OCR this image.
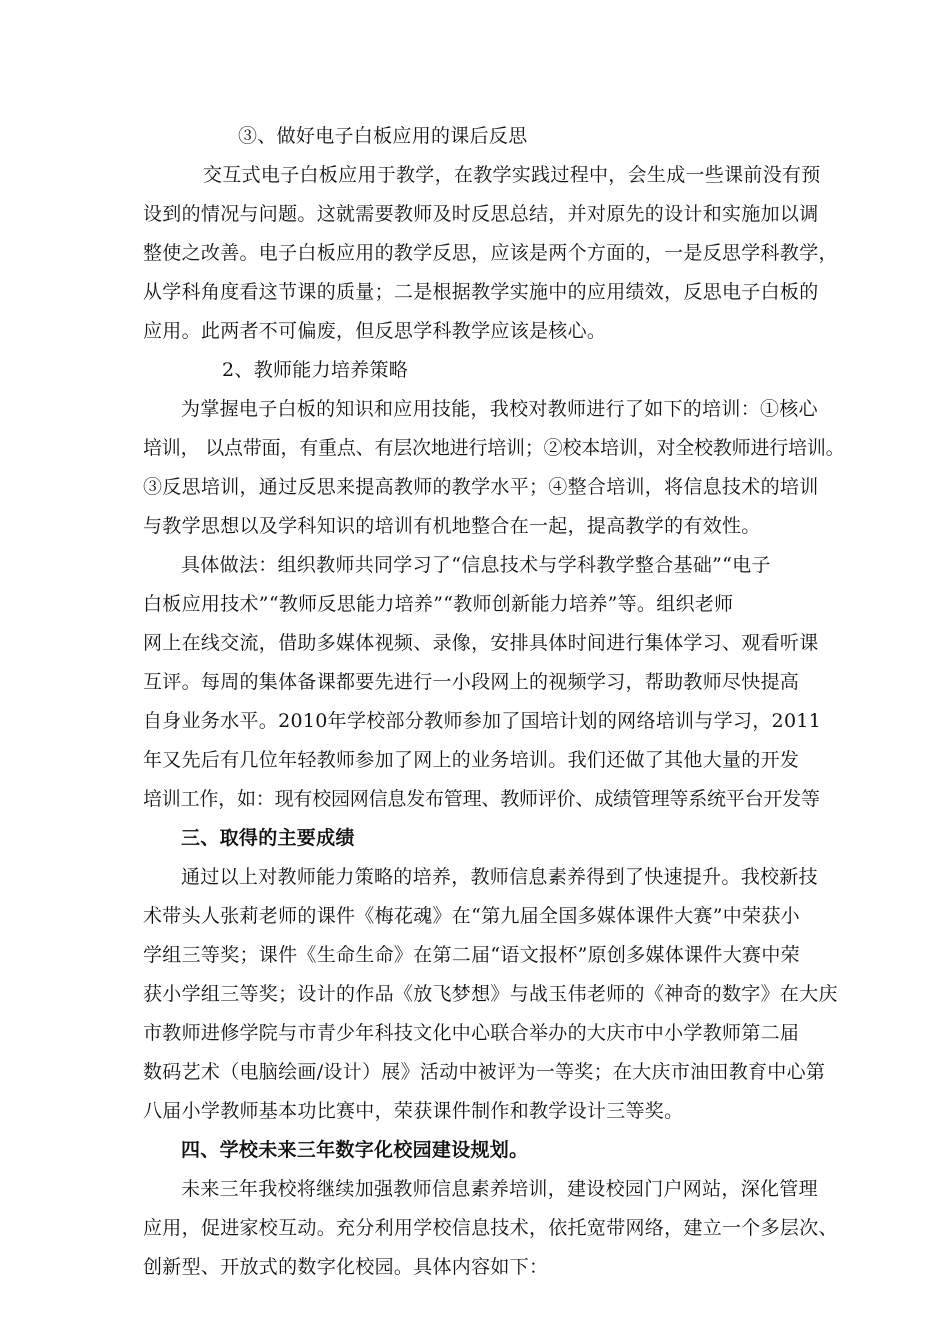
③、做好电子白板应用的课后反思
交互式电子白板应用于教学，在教学实践过程中，会生成一些课前没有预
设到的情况与问题。这就需要教师及时反思总结，并对原先的设计和实施加以调
整使之改善。电子白板应用的教学反思，应该是两个方面的，一是反思学科教学，
从学科角度看这节课的质量；二是根据教学实施中的应用绩效，反思电子白板的
应用。此两者不可偏废，但反思学科教学应该是核心。
2、教师能力培养策略
为掌握电子白板的知识和应用技能，我校对教师进行了如下的培训：①核心
培训， 以点带面，有重点、有层次地进行培训；②校本培训，对全校教师进行培训。
③反思培训，通过反思来提高教师的教学水平；④整合培训，将信息技术的培训
与教学思想以及学科知识的培训有机地整合在一起，提高教学的有效性。
具体做法：组织教师共同学习了“信息技术与学科教学整合基础”“电子
白板应用技术”“教师反思能力培养”“教师创新能力培养”等。组织老师
网上在线交流，借助多媒体视频、录像，安排具体时间进行集体学习、观看听课
互评。每周的集体备课都要先进行一小段网上的视频学习，帮助教师尽快提高
自身业务水平。2010年学校部分教师参加了国培计划的网络培训与学习，2011
年又先后有几位年轻教师参加了网上的业务培训。我们还做了其他大量的开发
培训工作，如：现有校园网信息发布管理、教师评价、成绩管理等系统平台开发等
三、取得的主要成绩
通过以上对教师能力策略的培养，教师信息素养得到了快速提升。我校新技
术带头人张莉老师的课件《梅花魂》在“第九届全国多媒体课件大赛”中荣获小
学组三等奖；课件《生命生命》在第二届“语文报杯”原创多媒体课件大赛中荣
获小学组三等奖；设计的作品《放飞梦想》与战玉伟老师的《神奇的数字》在大庆
市教师进修学院与市青少年科技文化中心联合举办的大庆市中小学教师第二届
数码艺术（电脑绘画/设计）展》活动中被评为一等奖；在大庆市油田教育中心第
八届小学教师基本功比赛中，荣获课件制作和教学设计三等奖。
四、学校未来三年数字化校园建设规划。
未来三年我校将继续加强教师信息素养培训，建设校园门户网站，深化管理
应用，促进家校互动。充分利用学校信息技术，依托宽带网络，建立一个多层次、
创新型、开放式的数字化校园。具体内容如下：
